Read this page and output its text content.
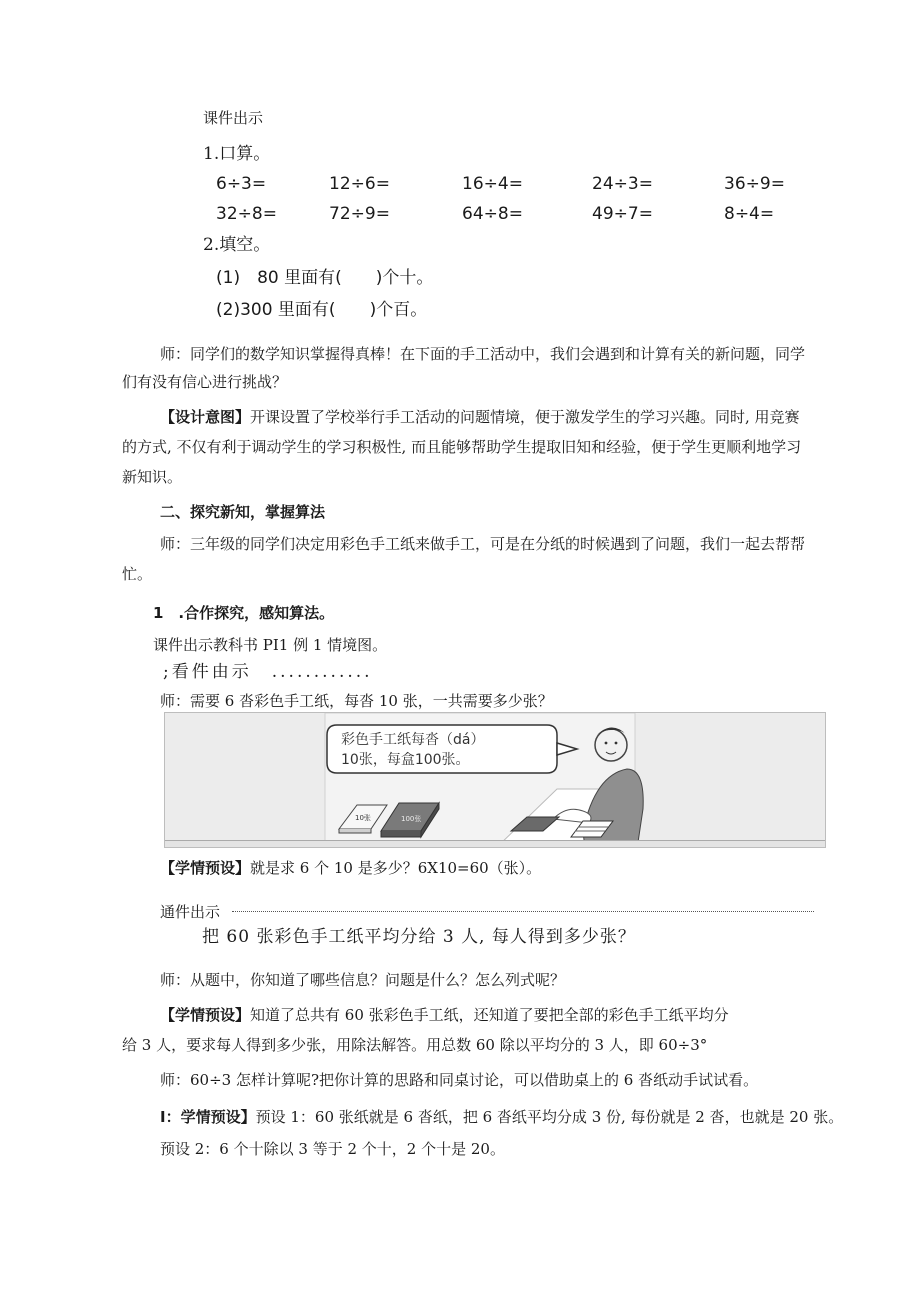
课件出示
1.口算。
6÷3=	12÷6=	16÷4=	24÷3=	36÷9=
32÷8=	72÷9=	64÷8=	49÷7=	8÷4=
2.填空。
(1)　80 里面有(　　)个十。
(2)300 里面有(　　)个百。
师：同学们的数学知识掌握得真棒！在下面的手工活动中，我们会遇到和计算有关的新问题，同学
们有没有信心进行挑战？
【设计意图】开课设置了学校举行手工活动的问题情境，便于激发学生的学习兴趣。同时, 用竞赛
的方式, 不仅有利于调动学生的学习积极性, 而且能够帮助学生提取旧知和经验，便于学生更顺利地学习
新知识。
二、探究新知，掌握算法
师：三年级的同学们决定用彩色手工纸来做手工，可是在分纸的时候遇到了问题，我们一起去帮帮
忙。
1　.合作探究，感知算法。
课件出示教科书 PI1 例 1 情境图。
;看件由示　............
师：需要 6 沓彩色手工纸，每沓 10 张，一共需要多少张？
彩色手工纸每沓（dá）
10张，每盒100张。
10张	100张
【学情预设】就是求 6 个 10 是多少？6X10=60（张）。
通件出示
把 60 张彩色手工纸平均分给 3 人, 每人得到多少张？
师：从题中，你知道了哪些信息？问题是什么？怎么列式呢？
【学情预设】知道了总共有 60 张彩色手工纸，还知道了要把全部的彩色手工纸平均分
给 3 人，要求每人得到多少张，用除法解答。用总数 60 除以平均分的 3 人，即 60÷3°
师：60÷3 怎样计算呢?把你计算的思路和同桌讨论，可以借助桌上的 6 沓纸动手试试看。
I：学情预设】预设 1：60 张纸就是 6 沓纸，把 6 沓纸平均分成 3 份, 每份就是 2 沓，也就是 20 张。
预设 2：6 个十除以 3 等于 2 个十，2 个十是 20。
